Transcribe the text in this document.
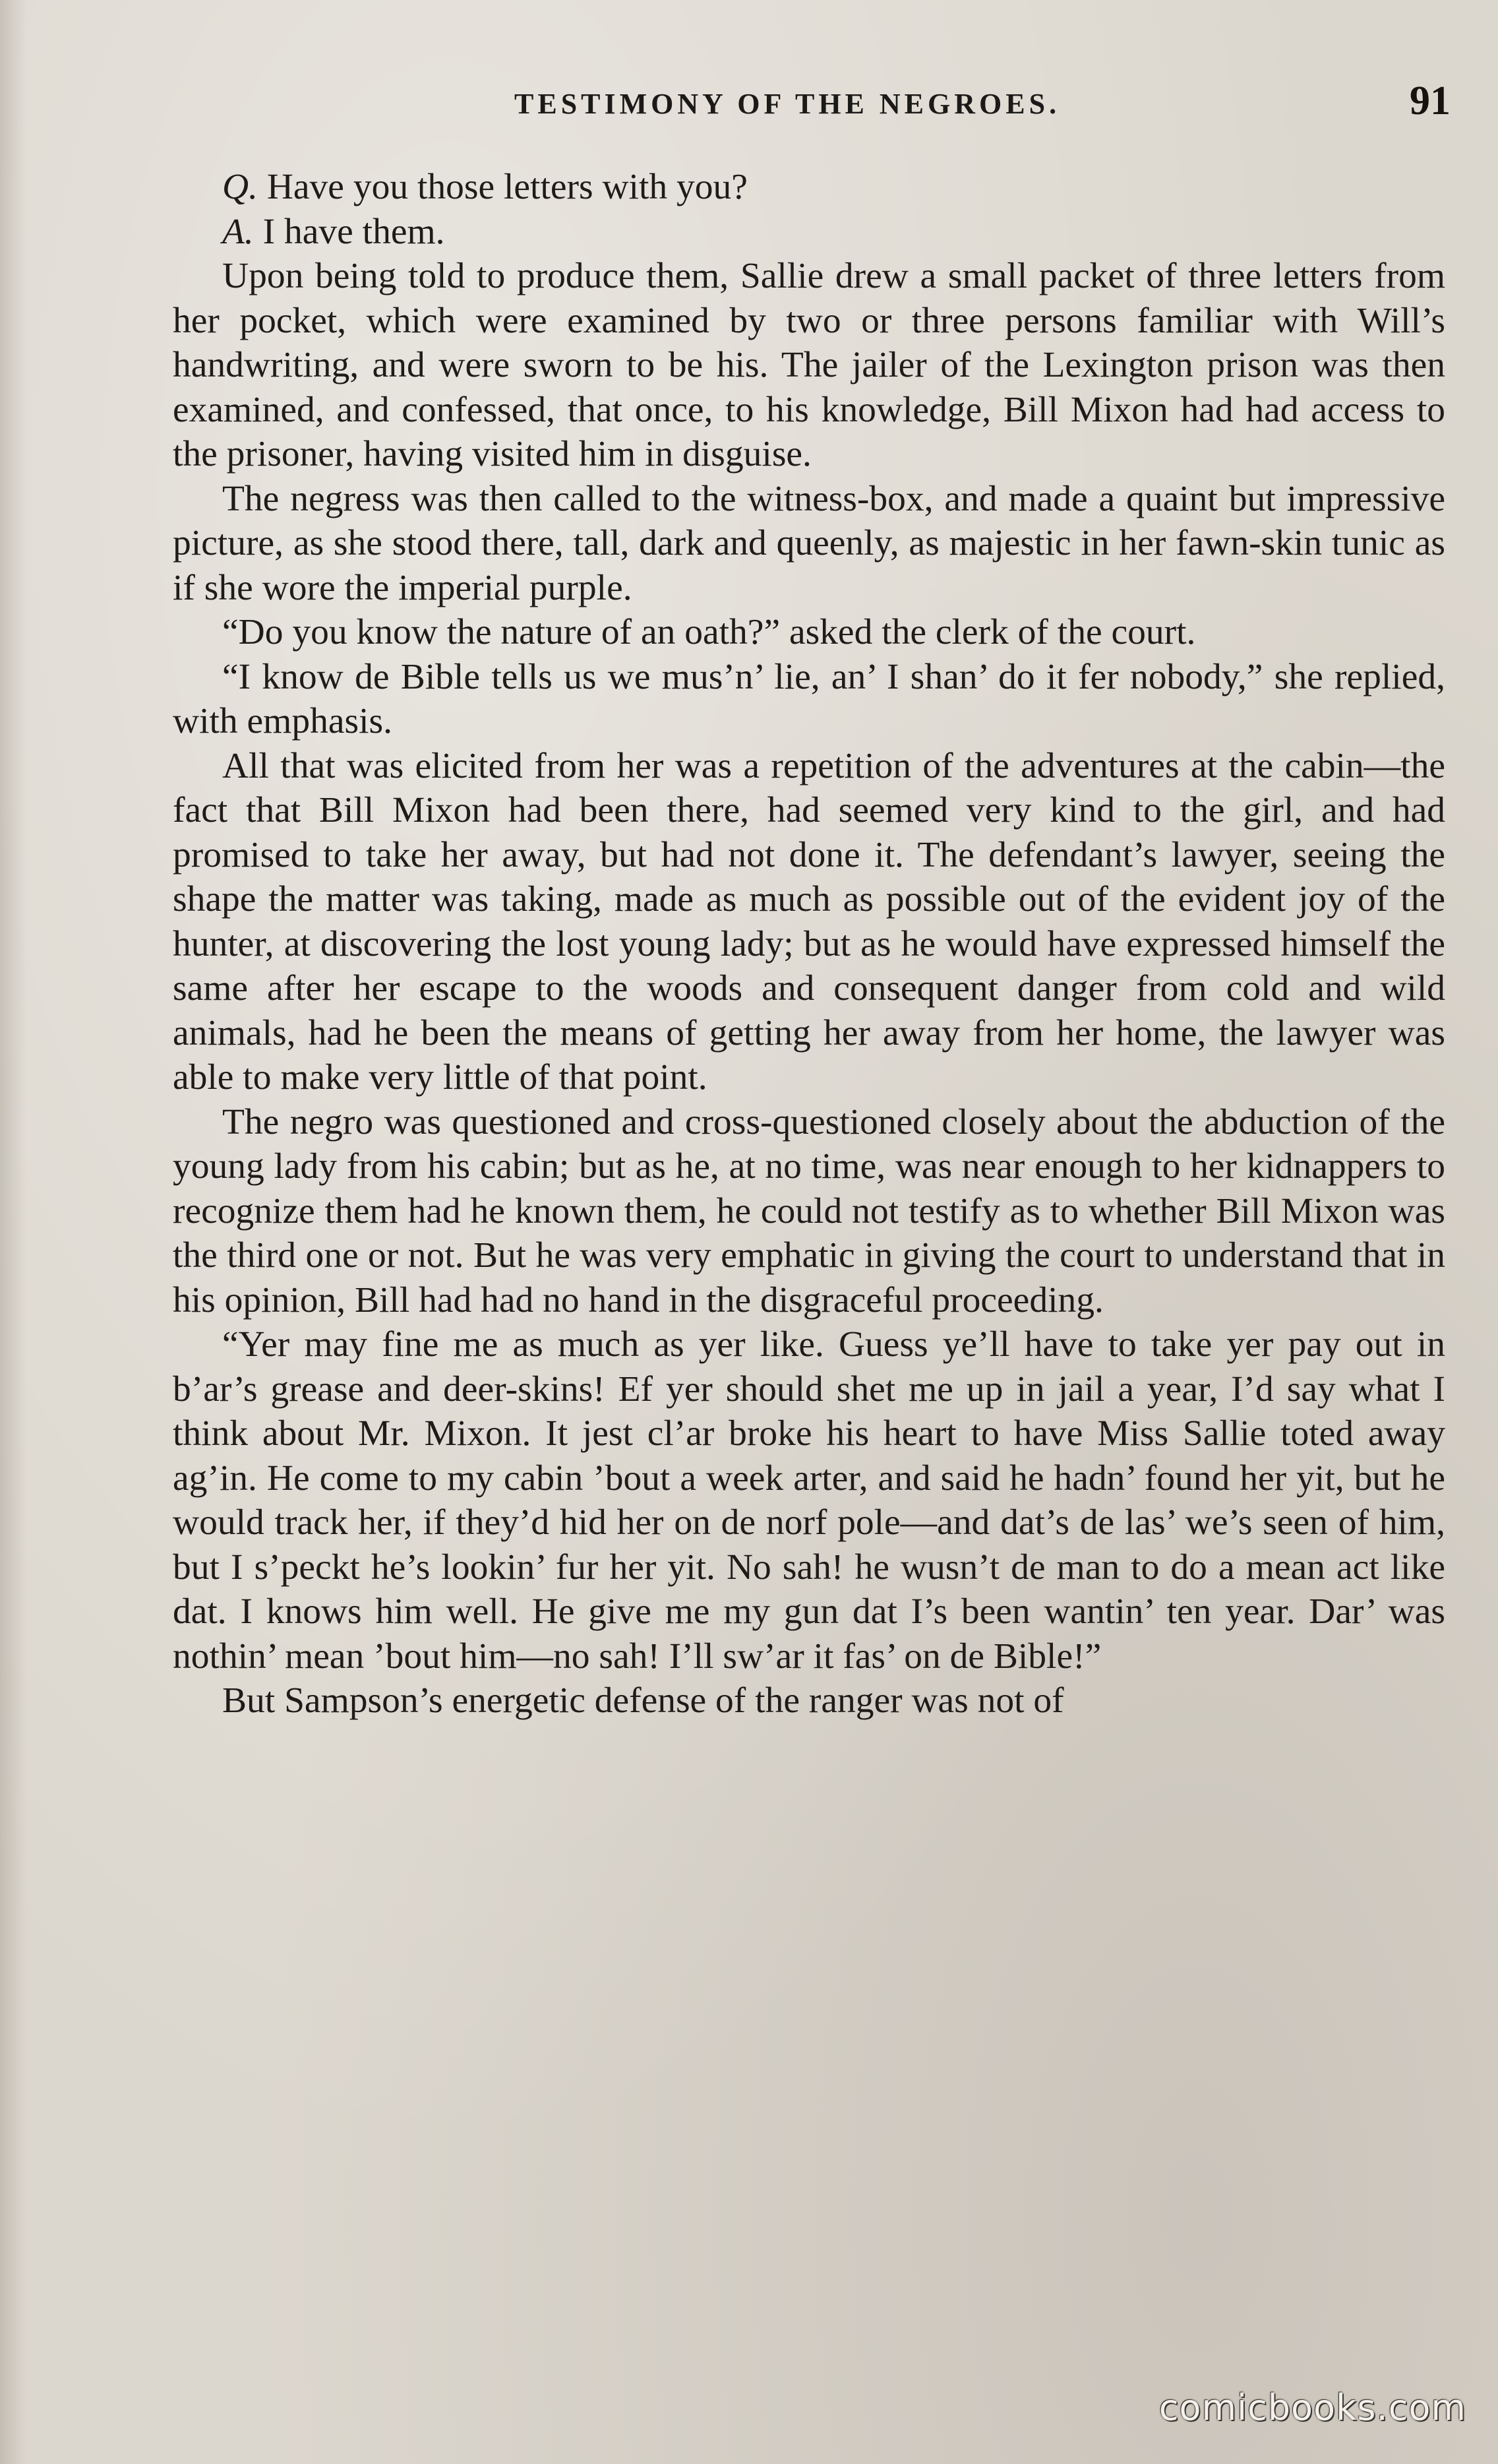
TESTIMONY OF THE NEGROES.	91

Q. Have you those letters with you?

A. I have them.

Upon being told to produce them, Sallie drew a small packet of three letters from her pocket, which were examined by two or three persons familiar with Will’s handwriting, and were sworn to be his. The jailer of the Lexington prison was then examined, and confessed, that once, to his knowledge, Bill Mixon had had access to the prisoner, having visited him in disguise.

The negress was then called to the witness-box, and made a quaint but impressive picture, as she stood there, tall, dark and queenly, as majestic in her fawn-skin tunic as if she wore the imperial purple.

“Do you know the nature of an oath?” asked the clerk of the court.

“I know de Bible tells us we mus’n’ lie, an’ I shan’ do it fer nobody,” she replied, with emphasis.

All that was elicited from her was a repetition of the adventures at the cabin—the fact that Bill Mixon had been there, had seemed very kind to the girl, and had promised to take her away, but had not done it. The defendant’s lawyer, seeing the shape the matter was taking, made as much as possible out of the evident joy of the hunter, at discovering the lost young lady; but as he would have expressed himself the same after her escape to the woods and consequent danger from cold and wild animals, had he been the means of getting her away from her home, the lawyer was able to make very little of that point.

The negro was questioned and cross-questioned closely about the abduction of the young lady from his cabin; but as he, at no time, was near enough to her kidnappers to recognize them had he known them, he could not testify as to whether Bill Mixon was the third one or not. But he was very emphatic in giving the court to understand that in his opinion, Bill had had no hand in the disgraceful proceeding.

“Yer may fine me as much as yer like. Guess ye’ll have to take yer pay out in b’ar’s grease and deer-skins! Ef yer should shet me up in jail a year, I’d say what I think about Mr. Mixon. It jest cl’ar broke his heart to have Miss Sallie toted away ag’in. He come to my cabin ’bout a week arter, and said he hadn’ found her yit, but he would track her, if they’d hid her on de norf pole—and dat’s de las’ we’s seen of him, but I s’peckt he’s lookin’ fur her yit. No sah! he wusn’t de man to do a mean act like dat. I knows him well. He give me my gun dat I’s been wantin’ ten year. Dar’ was nothin’ mean ’bout him—no sah! I’ll sw’ar it fas’ on de Bible!”

But Sampson’s energetic defense of the ranger was not of

comicbooks.com
